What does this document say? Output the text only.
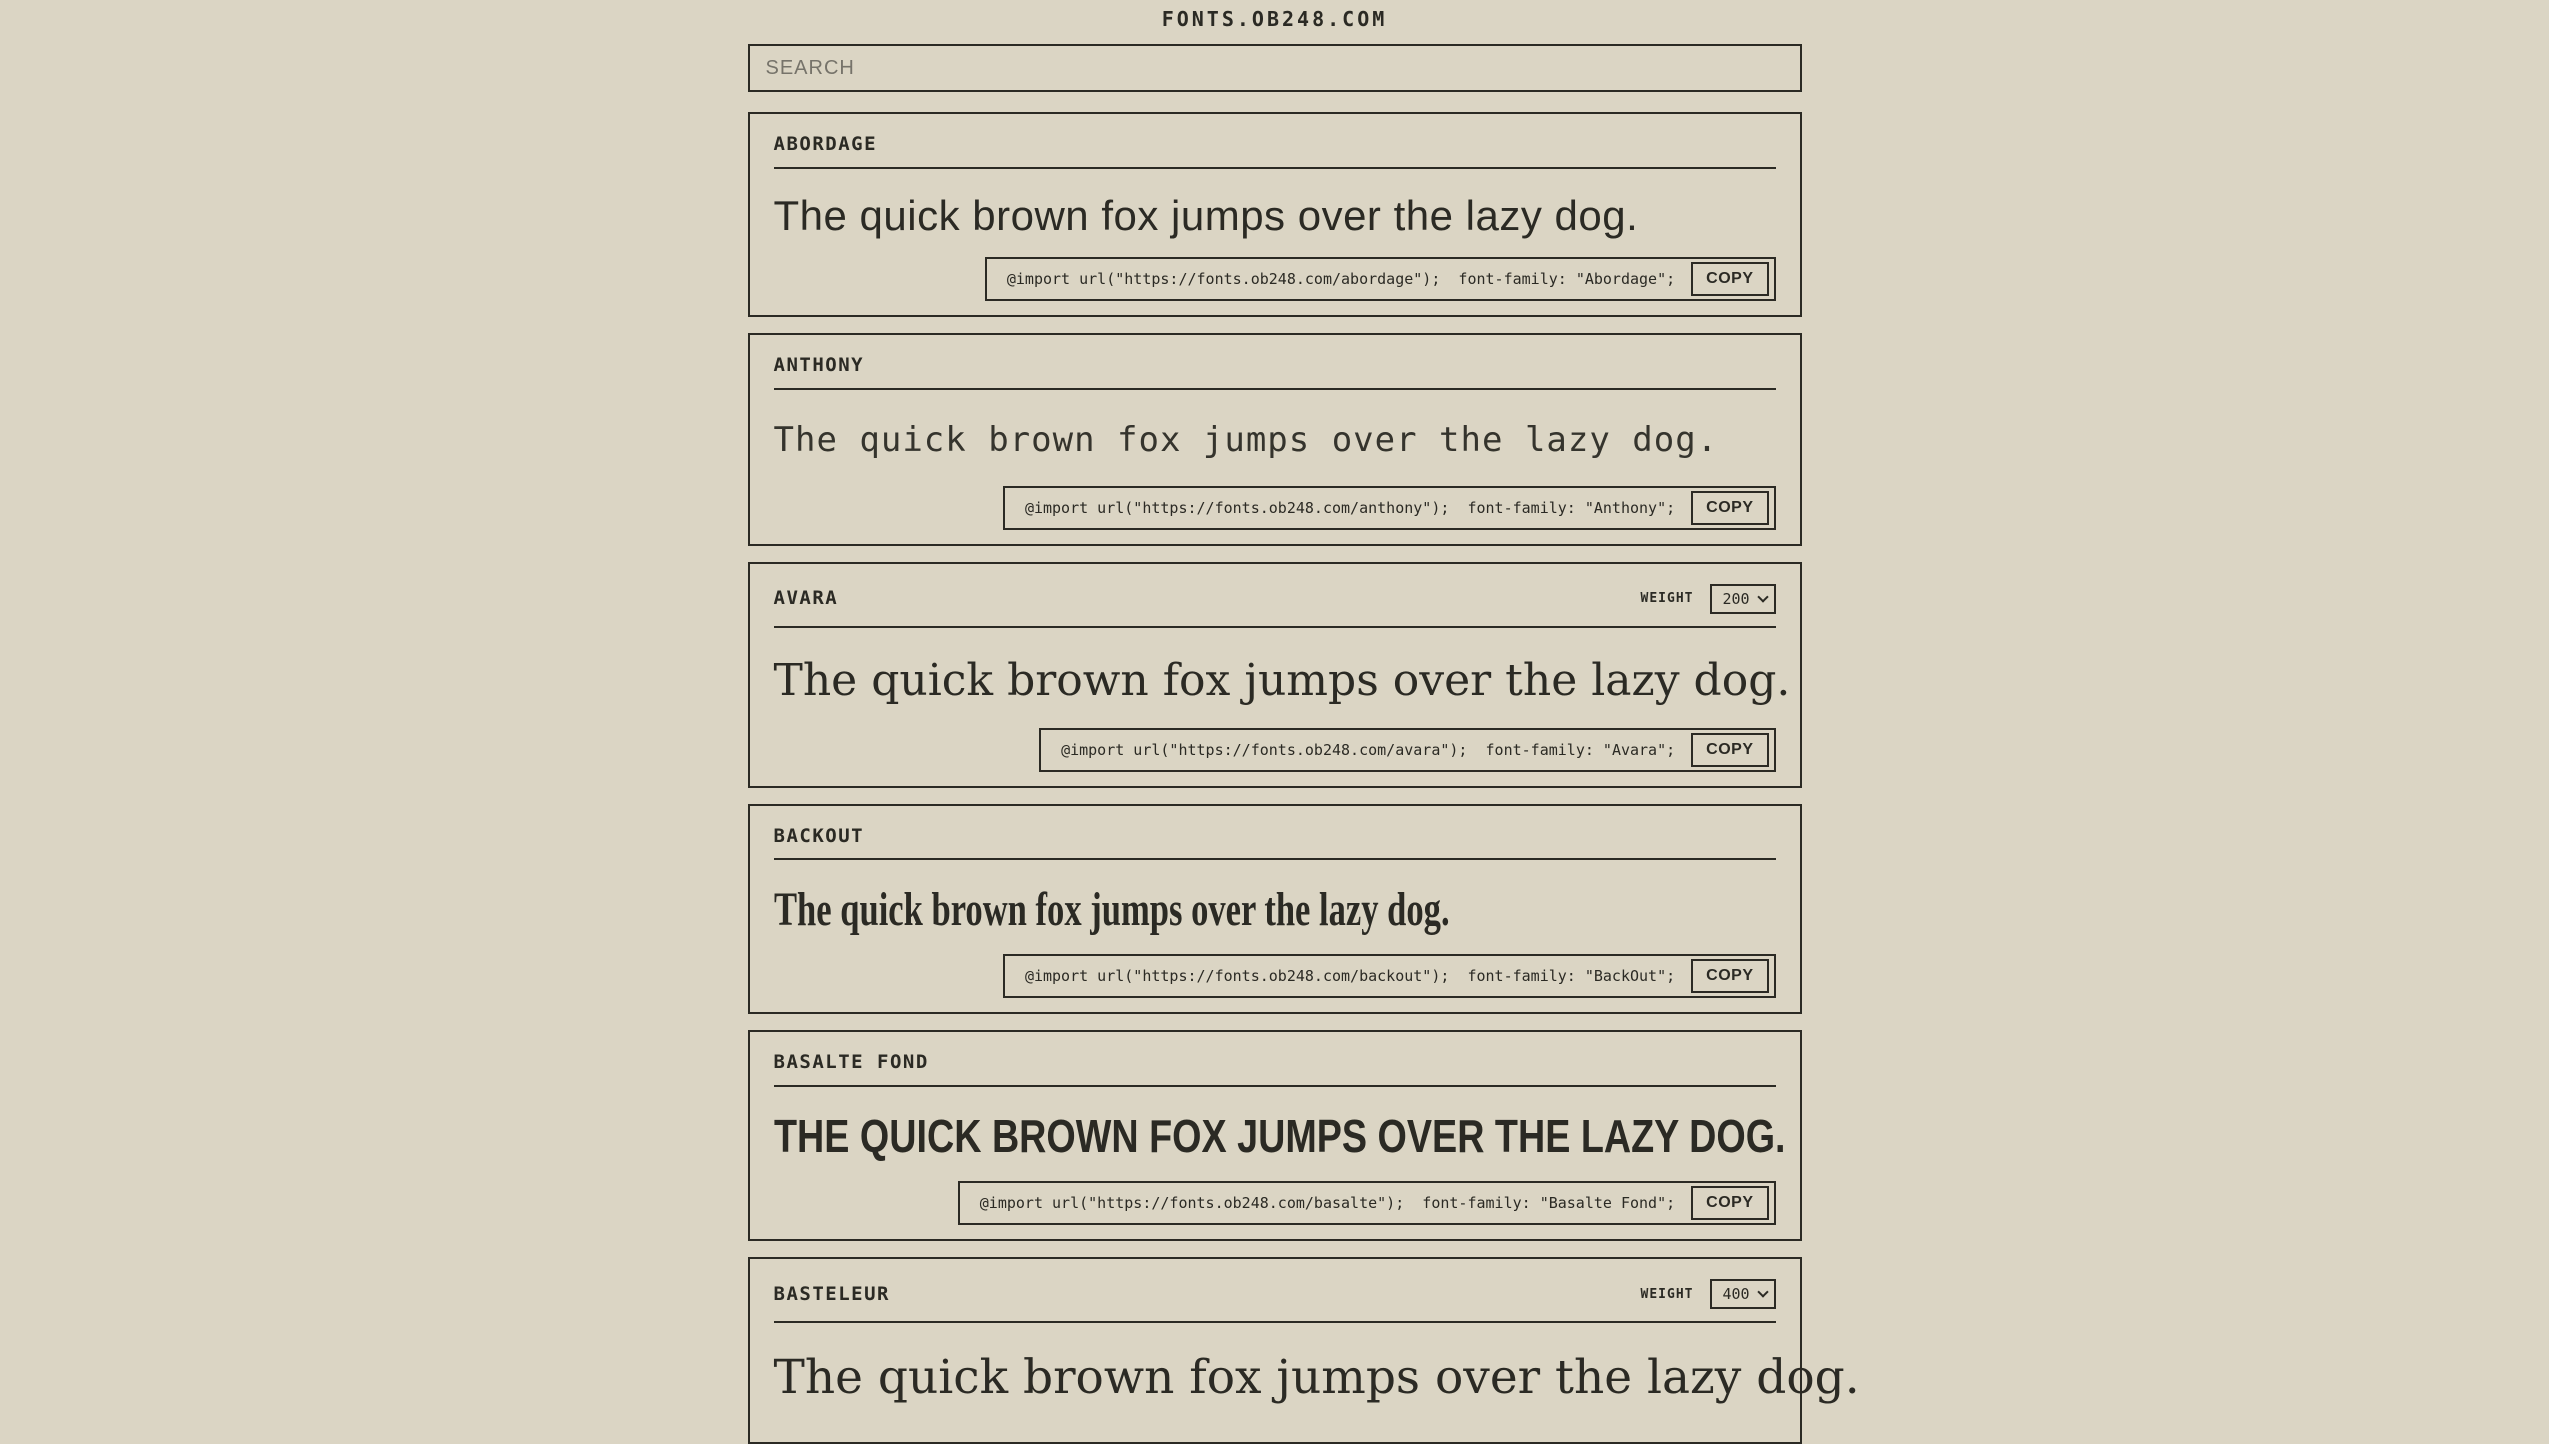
FONTS.OB248.COM
SEARCH
ABORDAGE
The quick brown fox jumps over the lazy dog.
@import url("https://fonts.ob248.com/abordage");  font-family: "Abordage";	COPY
ANTHONY
The quick brown fox jumps over the lazy dog.
@import url("https://fonts.ob248.com/anthony");  font-family: "Anthony";	COPY
AVARA	WEIGHT
200
The quick brown fox jumps over the lazy dog.
@import url("https://fonts.ob248.com/avara");  font-family: "Avara";	COPY
BACKOUT
The quick brown fox jumps over the lazy dog.
@import url("https://fonts.ob248.com/backout");  font-family: "BackOut";	COPY
BASALTE FOND
THE QUICK BROWN FOX JUMPS OVER THE LAZY DOG.
@import url("https://fonts.ob248.com/basalte");  font-family: "Basalte Fond";	COPY
BASTELEUR	WEIGHT
400
The quick brown fox jumps over the lazy dog.
